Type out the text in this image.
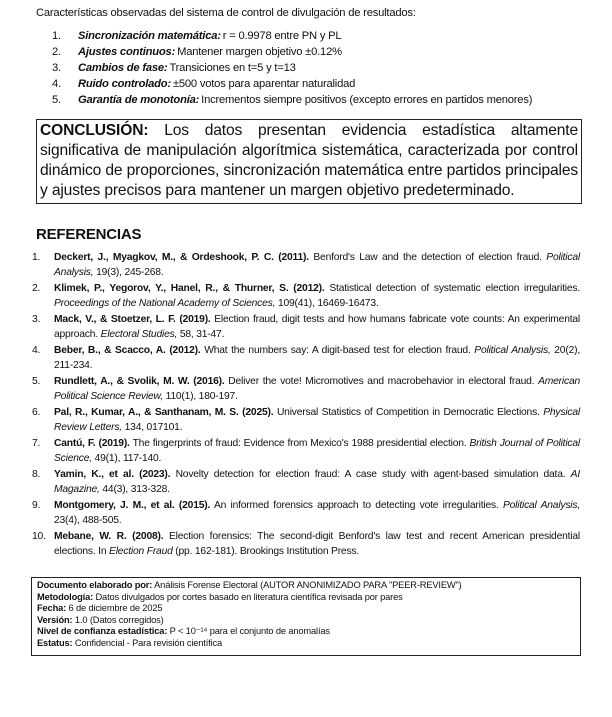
Características observadas del sistema de control de divulgación de resultados:
1.	Sincronización matemática: r = 0.9978 entre PN y PL
2.	Ajustes continuos: Mantener margen objetivo ±0.12%
3.	Cambios de fase: Transiciones en t=5 y t=13
4.	Ruido controlado: ±500 votos para aparentar naturalidad
5.	Garantía de monotonía: Incrementos siempre positivos (excepto errores en partidos menores)
CONCLUSIÓN: Los datos presentan evidencia estadística altamente significativa de manipulación algorítmica sistemática, caracterizada por control dinámico de proporciones, sincronización matemática entre partidos principales y ajustes precisos para mantener un margen objetivo predeterminado.
REFERENCIAS
1.	Deckert, J., Myagkov, M., & Ordeshook, P. C. (2011). Benford's Law and the detection of election fraud. Political Analysis, 19(3), 245-268.
2.	Klimek, P., Yegorov, Y., Hanel, R., & Thurner, S. (2012). Statistical detection of systematic election irregularities. Proceedings of the National Academy of Sciences, 109(41), 16469-16473.
3.	Mack, V., & Stoetzer, L. F. (2019). Election fraud, digit tests and how humans fabricate vote counts: An experimental approach. Electoral Studies, 58, 31-47.
4.	Beber, B., & Scacco, A. (2012). What the numbers say: A digit-based test for election fraud. Political Analysis, 20(2), 211-234.
5.	Rundlett, A., & Svolik, M. W. (2016). Deliver the vote! Micromotives and macrobehavior in electoral fraud. American Political Science Review, 110(1), 180-197.
6.	Pal, R., Kumar, A., & Santhanam, M. S. (2025). Universal Statistics of Competition in Democratic Elections. Physical Review Letters, 134, 017101.
7.	Cantú, F. (2019). The fingerprints of fraud: Evidence from Mexico's 1988 presidential election. British Journal of Political Science, 49(1), 117-140.
8.	Yamin, K., et al. (2023). Novelty detection for election fraud: A case study with agent-based simulation data. AI Magazine, 44(3), 313-328.
9.	Montgomery, J. M., et al. (2015). An informed forensics approach to detecting vote irregularities. Political Analysis, 23(4), 488-505.
10. Mebane, W. R. (2008). Election forensics: The second-digit Benford's law test and recent American presidential elections. In Election Fraud (pp. 162-181). Brookings Institution Press.
Documento elaborado por: Análisis Forense Electoral (AUTOR ANONIMIZADO PARA "PEER-REVIEW")
Metodología: Datos divulgados por cortes basado en literatura científica revisada por pares
Fecha: 6 de diciembre de 2025
Versión: 1.0 (Datos corregidos)
Nivel de confianza estadística: P < 10⁻¹⁴ para el conjunto de anomalías
Estatus: Confidencial - Para revisión científica
